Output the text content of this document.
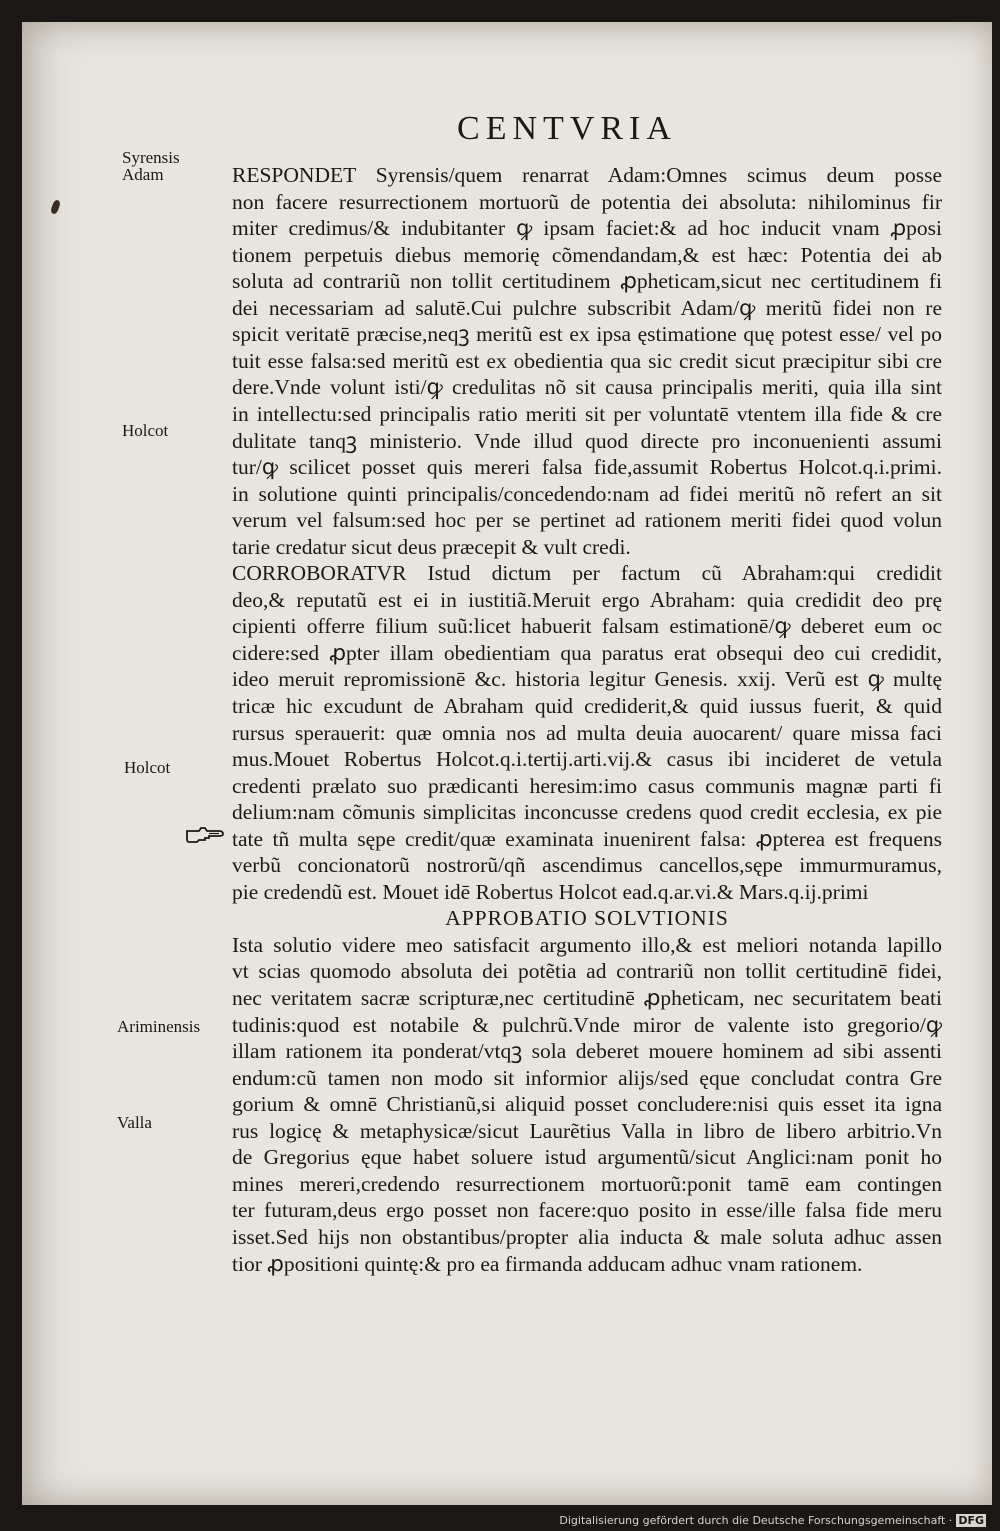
CENTVRIA
Syrensis
Adam
Holcot
Holcot
Ariminensis
Valla
RESPONDET Syrensis/quem renarrat Adam:Omnes scimus deum posse
non facere resurrectionem mortuorũ de potentia dei absoluta: nihilominus fir
miter credimus/& indubitanter ꝙ ipsam faciet:& ad hoc inducit vnam ꝓposi
tionem perpetuis diebus memorię cõmendandam,& est hæc: Potentia dei ab
soluta ad contrariũ non tollit certitudinem ꝓpheticam,sicut nec certitudinem fi
dei necessariam ad salutē.Cui pulchre subscribit Adam/ꝙ meritũ fidei non re
spicit veritatē præcise,neqꝫ meritũ est ex ipsa ęstimatione quę potest esse/ vel po
tuit esse falsa:sed meritũ est ex obedientia qua sic credit sicut præcipitur sibi cre
dere.Vnde volunt isti/ꝙ credulitas nõ sit causa principalis meriti, quia illa sint
in intellectu:sed principalis ratio meriti sit per voluntatē vtentem illa fide & cre
dulitate tanqꝫ ministerio. Vnde illud quod directe pro inconuenienti assumi
tur/ꝙ scilicet posset quis mereri falsa fide,assumit Robertus Holcot.q.i.primi.
in solutione quinti principalis/concedendo:nam ad fidei meritũ nõ refert an sit
verum vel falsum:sed hoc per se pertinet ad rationem meriti fidei quod volun
tarie credatur sicut deus præcepit & vult credi.
CORROBORATVR Istud dictum per factum cũ Abraham:qui credidit
deo,& reputatũ est ei in iustitiã.Meruit ergo Abraham: quia credidit deo prę
cipienti offerre filium suũ:licet habuerit falsam estimationē/ꝙ deberet eum oc
cidere:sed ꝓpter illam obedientiam qua paratus erat obsequi deo cui credidit,
ideo meruit repromissionē &c. historia legitur Genesis. xxij. Verũ est ꝙ multę
tricæ hic excudunt de Abraham quid crediderit,& quid iussus fuerit, & quid
rursus sperauerit: quæ omnia nos ad multa deuia auocarent/ quare missa faci
mus.Mouet Robertus Holcot.q.i.tertij.arti.vij.& casus ibi incideret de vetula
credenti prælato suo prædicanti heresim:imo casus communis magnæ parti fi
delium:nam cõmunis simplicitas inconcusse credens quod credit ecclesia, ex pie
tate tñ multa sępe credit/quæ examinata inuenirent falsa: ꝓpterea est frequens
verbũ concionatorũ nostrorũ/qñ ascendimus cancellos,sępe immurmuramus,
pie credendũ est. Mouet idē Robertus Holcot ead.q.ar.vi.& Mars.q.ij.primi
APPROBATIO SOLVTIONIS
Ista solutio videre meo satisfacit argumento illo,& est meliori notanda lapillo
vt scias quomodo absoluta dei potẽtia ad contrariũ non tollit certitudinē fidei,
nec veritatem sacræ scripturæ,nec certitudinē ꝓpheticam, nec securitatem beati
tudinis:quod est notabile & pulchrũ.Vnde miror de valente isto gregorio/ꝙ
illam rationem ita ponderat/vtqꝫ sola deberet mouere hominem ad sibi assenti
endum:cũ tamen non modo sit informior alijs/sed ęque concludat contra Gre
gorium & omnē Christianũ,si aliquid posset concludere:nisi quis esset ita igna
rus logicę & metaphysicæ/sicut Laurẽtius Valla in libro de libero arbitrio.Vn
de Gregorius ęque habet soluere istud argumentũ/sicut Anglici:nam ponit ho
mines mereri,credendo resurrectionem mortuorũ:ponit tamē eam contingen
ter futuram,deus ergo posset non facere:quo posito in esse/ille falsa fide meru
isset.Sed hijs non obstantibus/propter alia inducta & male soluta adhuc assen
tior ꝓpositioni quintę:& pro ea firmanda adducam adhuc vnam rationem.
Digitalisierung gefördert durch die Deutsche Forschungsgemeinschaft · DFG
